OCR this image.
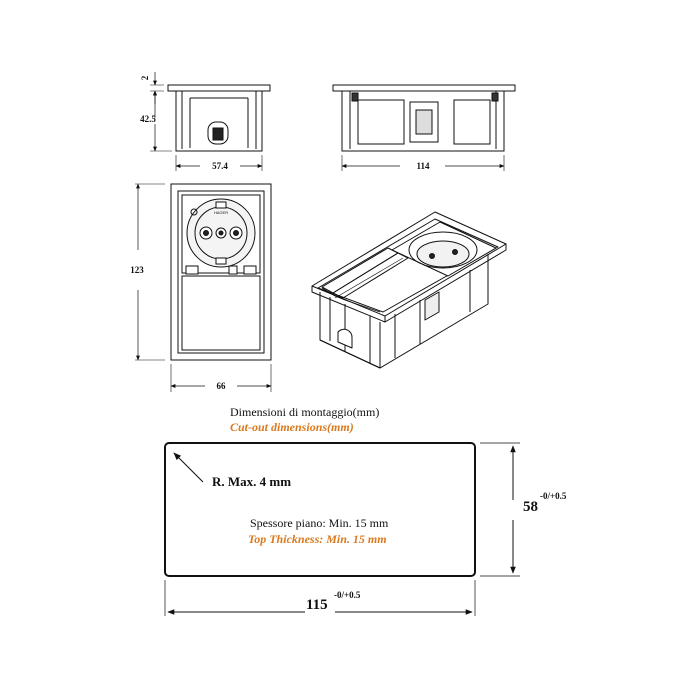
2
42.5
57.4	114
HAGER
123
66
Dimensioni di montaggio(mm)
Cut-out dimensions(mm)
R. Max. 4 mm
Spessore piano: Min. 15 mm
Top Thickness: Min. 15 mm
115
-0/+0.5
58
-0/+0.5
